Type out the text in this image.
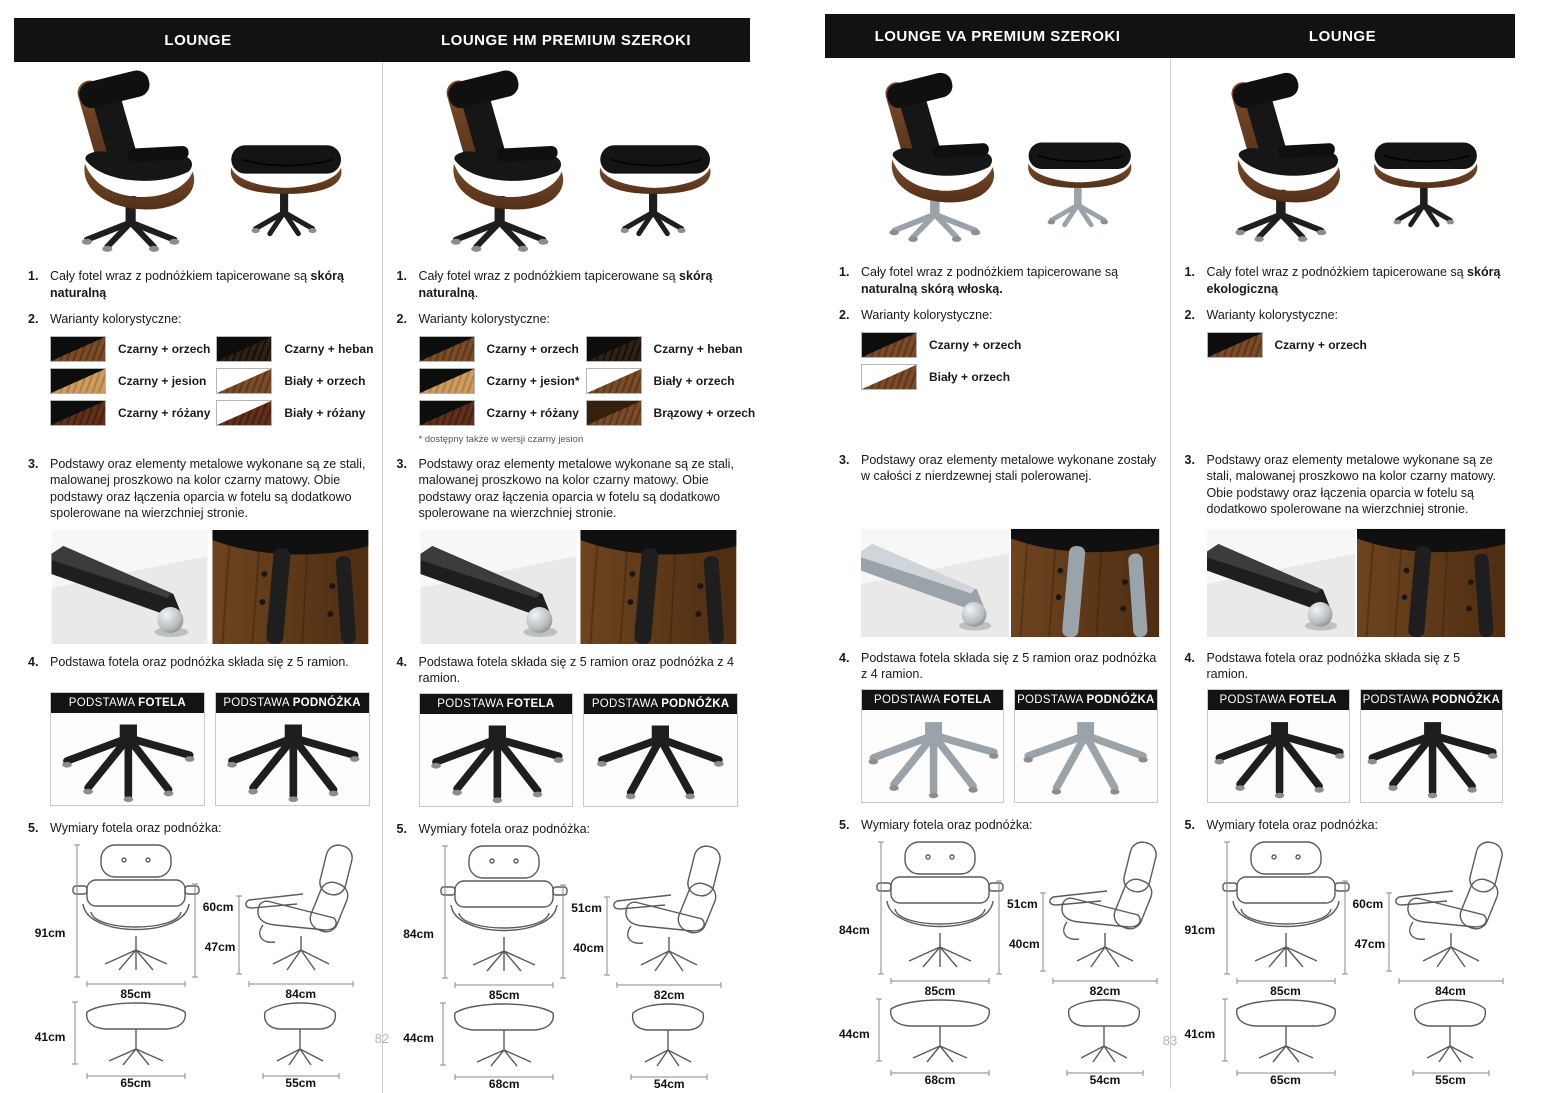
LOUNGE	LOUNGE HM PREMIUM SZEROKI
1. Cały fotel wraz z podnóżkiem tapicerowane są skórą naturalną
2. Warianty kolorystyczne:
Czarny + orzech	Czarny + heban
Czarny + jesion	Biały + orzech
Czarny + różany	Biały + różany
3. Podstawy oraz elementy metalowe wykonane są ze stali, malowanej proszkowo na kolor czarny matowy. Obie podstawy oraz łączenia oparcia w fotelu są dodatkowo spolerowane na wierzchniej stronie.
4. Podstawa fotela oraz podnóżka składa się z 5 ramion.
PODSTAWA FOTELA	PODSTAWA PODNÓŻKA
5. Wymiary fotela oraz podnóżka:
91cm
60cm
47cm
85cm	84cm
41cm
65cm	55cm
1. Cały fotel wraz z podnóżkiem tapicerowane są skórą naturalną.
2. Warianty kolorystyczne:
Czarny + orzech	Czarny + heban
Czarny + jesion*	Biały + orzech
Czarny + różany	Brązowy + orzech
* dostępny także w wersji czarny jesion
3. Podstawy oraz elementy metalowe wykonane są ze stali, malowanej proszkowo na kolor czarny matowy. Obie podstawy oraz łączenia oparcia w fotelu są dodatkowo spolerowane na wierzchniej stronie.
4. Podstawa fotela składa się z 5 ramion oraz podnóżka z 4 ramion.
PODSTAWA FOTELA	PODSTAWA PODNÓŻKA
5. Wymiary fotela oraz podnóżka:
84cm
51cm
40cm
85cm	82cm
44cm
68cm	54cm
82
LOUNGE VA PREMIUM SZEROKI	LOUNGE
1. Cały fotel wraz z podnóżkiem tapicerowane są naturalną skórą włoską.
2. Warianty kolorystyczne:
Czarny + orzech
Biały + orzech
3. Podstawy oraz elementy metalowe wykonane zostały w całości z nierdzewnej stali polerowanej.
4. Podstawa fotela składa się z 5 ramion oraz podnóżka z 4 ramion.
PODSTAWA FOTELA	PODSTAWA PODNÓŻKA
5. Wymiary fotela oraz podnóżka:
84cm
51cm
40cm
85cm	82cm
44cm
68cm	54cm
1. Cały fotel wraz z podnóżkiem tapicerowane są skórą ekologiczną
2. Warianty kolorystyczne:
Czarny + orzech
3. Podstawy oraz elementy metalowe wykonane są ze stali, malowanej proszkowo na kolor czarny matowy. Obie podstawy oraz łączenia oparcia w fotelu są dodatkowo spolerowane na wierzchniej stronie.
4. Podstawa fotela oraz podnóżka składa się z 5 ramion.
PODSTAWA FOTELA	PODSTAWA PODNÓŻKA
5. Wymiary fotela oraz podnóżka:
91cm
60cm
47cm
85cm	84cm
41cm
65cm	55cm
83
